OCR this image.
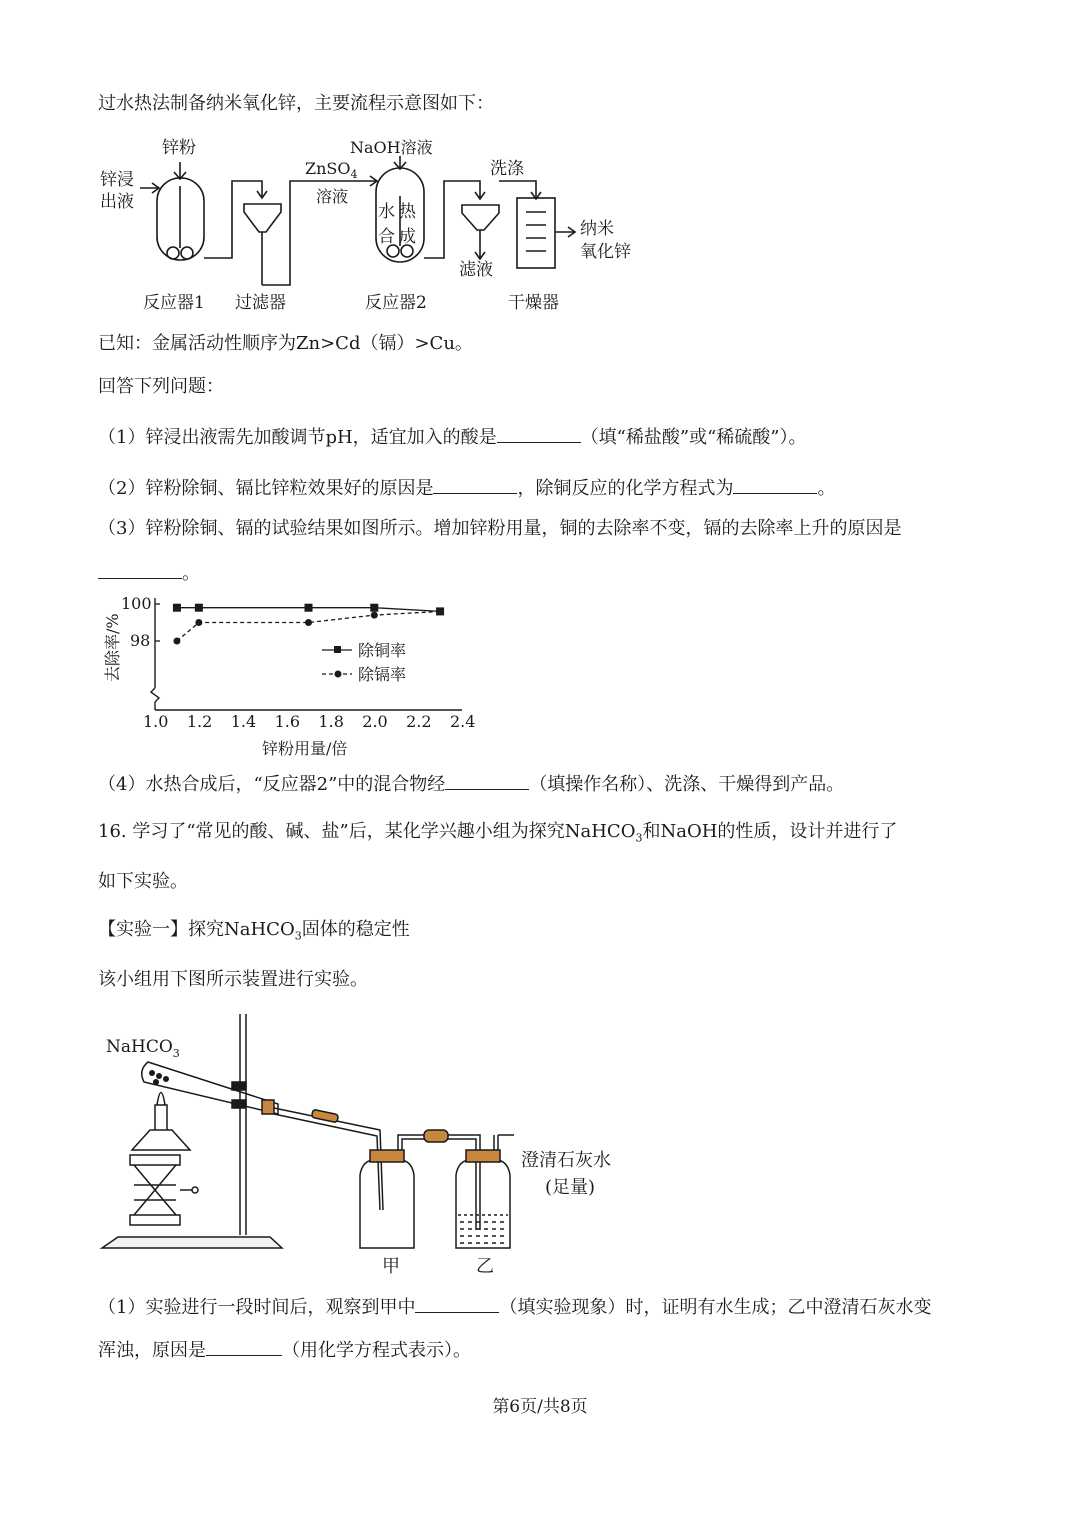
过水热法制备纳米氧化锌，主要流程示意图如下：
锌粉
锌浸
出液
NaOH溶液
ZnSO$_4$
溶液
水 热
合 成
洗涤
滤液
纳米
氧化锌
反应器1 过滤器	反应器2	干燥器
已知：金属活动性顺序为Zn>Cd（镉）>Cu。
回答下列问题：
（1）锌浸出液需先加酸调节pH，适宜加入的酸是	（填“稀盐酸”或“稀硫酸”）。
（2）锌粉除铜、镉比锌粒效果好的原因是	，除铜反应的化学方程式为	。
（3）锌粉除铜、镉的试验结果如图所示。增加锌粉用量，铜的去除率不变，镉的去除率上升的原因是
。
1.0 1.2 1.4 1.6 1.8 2.0 2.2 2.4
100
98
除铜率
除镉率
锌粉用量/倍
去除率/%
（4）水热合成后，“反应器2”中的混合物经	（填操作名称）、洗涤、干燥得到产品。
16. 学习了“常见的酸、碱、盐”后，某化学兴趣小组为探究NaHCO$_3$和NaOH的性质，设计并进行了
如下实验。
【实验一】探究NaHCO$_3$固体的稳定性
该小组用下图所示装置进行实验。
NaHCO$_3$
澄清石灰水
(足量)
甲	乙
（1）实验进行一段时间后，观察到甲中	（填实验现象）时，证明有水生成；乙中澄清石灰水变
浑浊，原因是	（用化学方程式表示）。
第6页/共8页
